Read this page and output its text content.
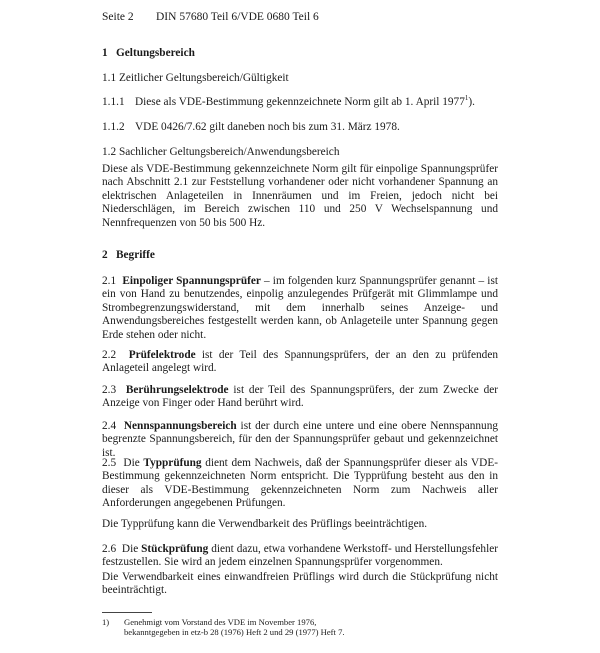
Seite 2 DIN 57680 Teil 6/VDE 0680 Teil 6
1 Geltungsbereich
1.1 Zeitlicher Geltungsbereich/Gültigkeit
1.1.1 Diese als VDE-Bestimmung gekennzeichnete Norm gilt ab 1. April 1977$^1$).
1.1.2 VDE 0426/7.62 gilt daneben noch bis zum 31. März 1978.
1.2 Sachlicher Geltungsbereich/Anwendungsbereich
Diese als VDE-Bestimmung gekennzeichnete Norm gilt für einpolige Spannungsprüfer nach Abschnitt 2.1 zur Feststellung vorhandener oder nicht vorhandener Spannung an elektrischen Anlageteilen in Innenräumen und im Freien, jedoch nicht bei Niederschlägen, im Bereich zwischen 110 und 250 V Wechselspannung und Nennfrequenzen von 50 bis 500 Hz.
2 Begriffe
2.1 Einpoliger Spannungsprüfer – im folgenden kurz Spannungsprüfer genannt – ist ein von Hand zu benutzendes, einpolig anzulegendes Prüfgerät mit Glimmlampe und Strombegrenzungswiderstand, mit dem innerhalb seines Anzeige- und Anwendungsbereiches festgestellt werden kann, ob Anlageteile unter Spannung gegen Erde stehen oder nicht.
2.2 Prüfelektrode ist der Teil des Spannungsprüfers, der an den zu prüfenden Anlageteil angelegt wird.
2.3 Berührungselektrode ist der Teil des Spannungsprüfers, der zum Zwecke der Anzeige von Finger oder Hand berührt wird.
2.4 Nennspannungsbereich ist der durch eine untere und eine obere Nennspannung begrenzte Spannungsbereich, für den der Spannungsprüfer gebaut und gekennzeichnet ist.
2.5 Die Typprüfung dient dem Nachweis, daß der Spannungsprüfer dieser als VDE-Bestimmung gekennzeichneten Norm entspricht. Die Typprüfung besteht aus den in dieser als VDE-Bestimmung gekennzeichneten Norm zum Nachweis aller Anforderungen angegebenen Prüfungen.
Die Typprüfung kann die Verwendbarkeit des Prüflings beeinträchtigen.
2.6 Die Stückprüfung dient dazu, etwa vorhandene Werkstoff- und Herstellungsfehler festzustellen. Sie wird an jedem einzelnen Spannungsprüfer vorgenommen.
Die Verwendbarkeit eines einwandfreien Prüflings wird durch die Stückprüfung nicht beeinträchtigt.
1) Genehmigt vom Vorstand des VDE im November 1976,
bekanntgegeben in etz-b 28 (1976) Heft 2 und 29 (1977) Heft 7.
